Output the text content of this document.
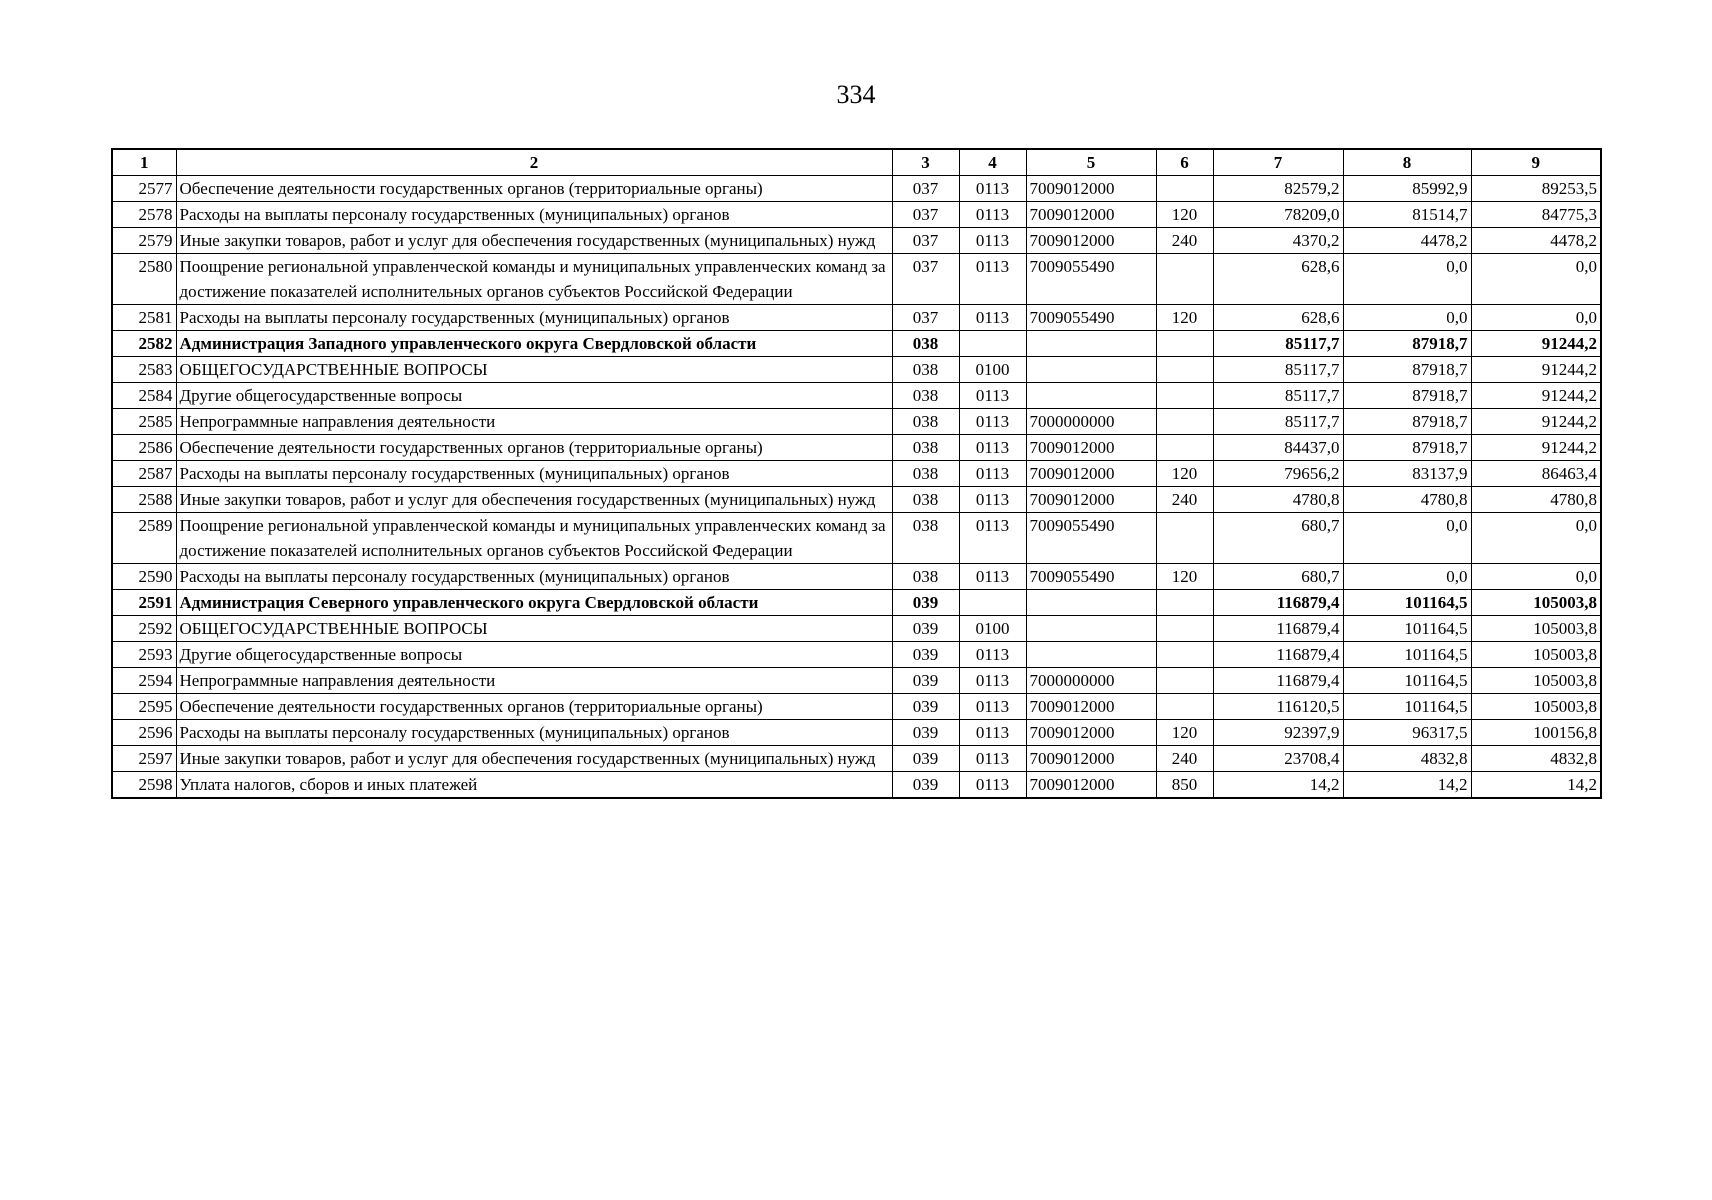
334
1	2	3	4	5	6	7	8	9
2577	Обеспечение деятельности государственных органов (территориальные органы)	037	0113	7009012000		82579,2	85992,9	89253,5
2578	Расходы на выплаты персоналу государственных (муниципальных) органов	037	0113	7009012000	120	78209,0	81514,7	84775,3
2579	Иные закупки товаров, работ и услуг для обеспечения государственных (муниципальных) нужд	037	0113	7009012000	240	4370,2	4478,2	4478,2
2580	Поощрение региональной управленческой команды и муниципальных управленческих команд за достижение показателей исполнительных органов субъектов Российской Федерации	037	0113	7009055490		628,6	0,0	0,0
2581	Расходы на выплаты персоналу государственных (муниципальных) органов	037	0113	7009055490	120	628,6	0,0	0,0
2582	Администрация Западного управленческого округа Свердловской области	038				85117,7	87918,7	91244,2
2583	ОБЩЕГОСУДАРСТВЕННЫЕ ВОПРОСЫ	038	0100			85117,7	87918,7	91244,2
2584	Другие общегосударственные вопросы	038	0113			85117,7	87918,7	91244,2
2585	Непрограммные направления деятельности	038	0113	7000000000		85117,7	87918,7	91244,2
2586	Обеспечение деятельности государственных органов (территориальные органы)	038	0113	7009012000		84437,0	87918,7	91244,2
2587	Расходы на выплаты персоналу государственных (муниципальных) органов	038	0113	7009012000	120	79656,2	83137,9	86463,4
2588	Иные закупки товаров, работ и услуг для обеспечения государственных (муниципальных) нужд	038	0113	7009012000	240	4780,8	4780,8	4780,8
2589	Поощрение региональной управленческой команды и муниципальных управленческих команд за достижение показателей исполнительных органов субъектов Российской Федерации	038	0113	7009055490		680,7	0,0	0,0
2590	Расходы на выплаты персоналу государственных (муниципальных) органов	038	0113	7009055490	120	680,7	0,0	0,0
2591	Администрация Северного управленческого округа Свердловской области	039				116879,4	101164,5	105003,8
2592	ОБЩЕГОСУДАРСТВЕННЫЕ ВОПРОСЫ	039	0100			116879,4	101164,5	105003,8
2593	Другие общегосударственные вопросы	039	0113			116879,4	101164,5	105003,8
2594	Непрограммные направления деятельности	039	0113	7000000000		116879,4	101164,5	105003,8
2595	Обеспечение деятельности государственных органов (территориальные органы)	039	0113	7009012000		116120,5	101164,5	105003,8
2596	Расходы на выплаты персоналу государственных (муниципальных) органов	039	0113	7009012000	120	92397,9	96317,5	100156,8
2597	Иные закупки товаров, работ и услуг для обеспечения государственных (муниципальных) нужд	039	0113	7009012000	240	23708,4	4832,8	4832,8
2598	Уплата налогов, сборов и иных платежей	039	0113	7009012000	850	14,2	14,2	14,2
